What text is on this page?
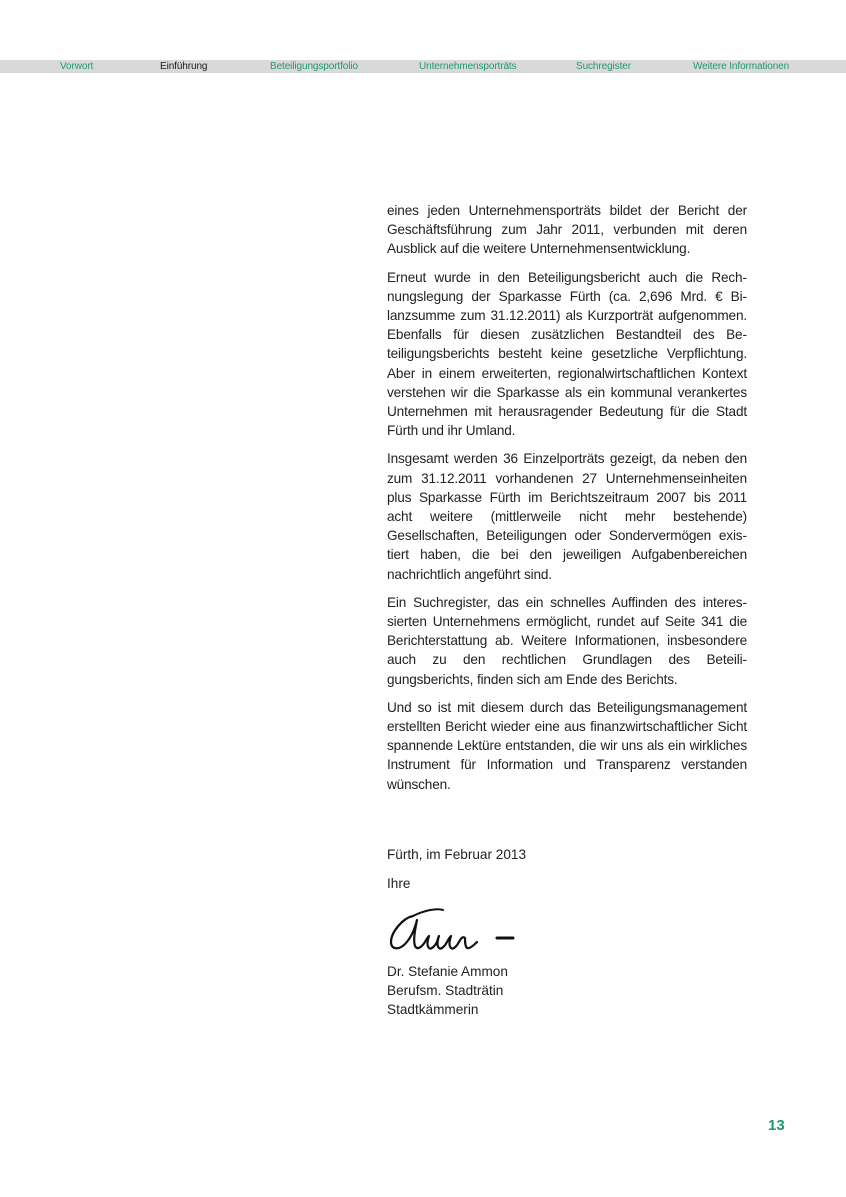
Vorwort	Einführung	Beteiligungsportfolio	Unternehmensporträts	Suchregister	Weitere Informationen

eines jeden Unternehmensporträts bildet der Bericht der Geschäftsführung zum Jahr 2011, verbunden mit deren Ausblick auf die weitere Unternehmensentwicklung.

Erneut wurde in den Beteiligungsbericht auch die Rechnungslegung der Sparkasse Fürth (ca. 2,696 Mrd. € Bilanzsumme zum 31.12.2011) als Kurzporträt aufgenommen. Ebenfalls für diesen zusätzlichen Bestandteil des Beteiligungsberichts besteht keine gesetzliche Verpflichtung. Aber in einem erweiterten, regionalwirtschaftlichen Kontext verstehen wir die Sparkasse als ein kommunal verankertes Unternehmen mit herausragender Bedeutung für die Stadt Fürth und ihr Umland.

Insgesamt werden 36 Einzelporträts gezeigt, da neben den zum 31.12.2011 vorhandenen 27 Unternehmenseinheiten plus Sparkasse Fürth im Berichtszeitraum 2007 bis 2011 acht weitere (mittlerweile nicht mehr bestehende) Gesellschaften, Beteiligungen oder Sondervermögen existiert haben, die bei den jeweiligen Aufgabenbereichen nachrichtlich angeführt sind.

Ein Suchregister, das ein schnelles Auffinden des interessierten Unternehmens ermöglicht, rundet auf Seite 341 die Berichterstattung ab. Weitere Informationen, insbesondere auch zu den rechtlichen Grundlagen des Beteiligungsberichts, finden sich am Ende des Berichts.

Und so ist mit diesem durch das Beteiligungsmanagement erstellten Bericht wieder eine aus finanzwirtschaftlicher Sicht spannende Lektüre entstanden, die wir uns als ein wirkliches Instrument für Information und Transparenz verstanden wünschen.

Fürth, im Februar 2013
Ihre
Dr. Stefanie Ammon
Berufsm. Stadträtin
Stadtkämmerin
13
